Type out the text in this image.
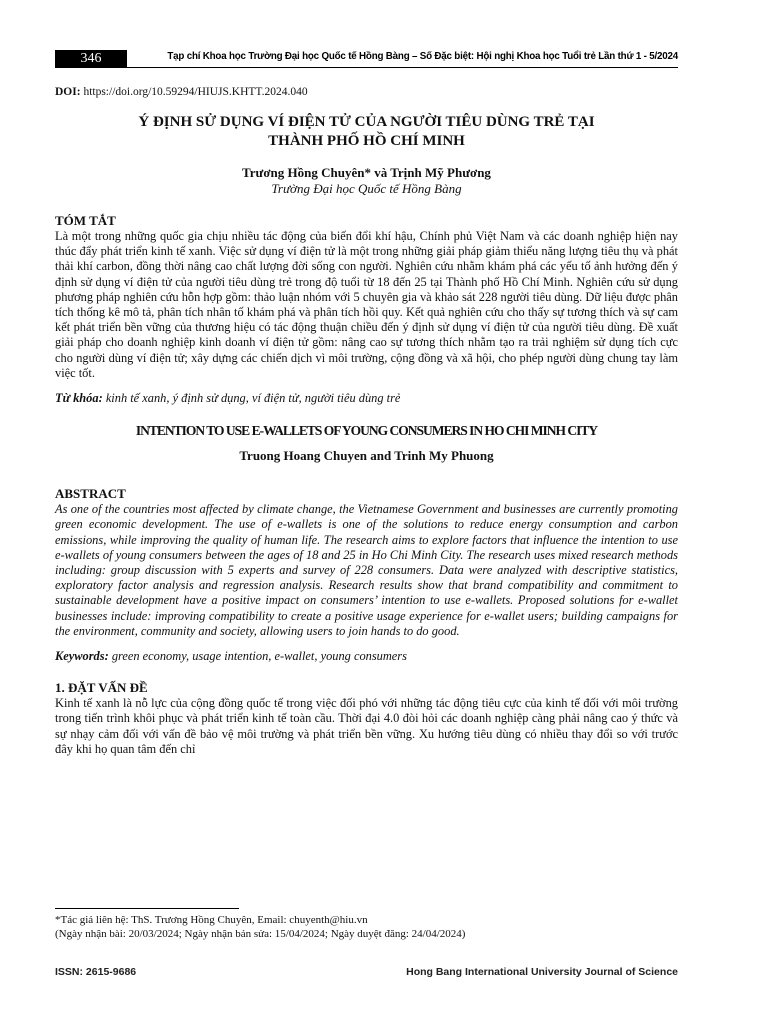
346	Tạp chí Khoa học Trường Đại học Quốc tế Hồng Bàng – Số Đặc biệt: Hội nghị Khoa học Tuổi trẻ Lần thứ 1 - 5/2024

DOI: https://doi.org/10.59294/HIUJS.KHTT.2024.040

Ý ĐỊNH SỬ DỤNG VÍ ĐIỆN TỬ CỦA NGƯỜI TIÊU DÙNG TRẺ TẠI
THÀNH PHỐ HỒ CHÍ MINH
Trương Hồng Chuyên* và Trịnh Mỹ Phương
Trường Đại học Quốc tế Hồng Bàng
TÓM TẮT

Là một trong những quốc gia chịu nhiều tác động của biến đổi khí hậu, Chính phủ Việt Nam và các doanh nghiệp hiện nay thúc đẩy phát triển kinh tế xanh. Việc sử dụng ví điện tử là một trong những giải pháp giảm thiểu năng lượng tiêu thụ và phát thải khí carbon, đồng thời nâng cao chất lượng đời sống con người. Nghiên cứu nhằm khám phá các yếu tố ảnh hưởng đến ý định sử dụng ví điện tử của người tiêu dùng trẻ trong độ tuổi từ 18 đến 25 tại Thành phố Hồ Chí Minh. Nghiên cứu sử dụng phương pháp nghiên cứu hỗn hợp gồm: thảo luận nhóm với 5 chuyên gia và khảo sát 228 người tiêu dùng. Dữ liệu được phân tích thống kê mô tả, phân tích nhân tố khám phá và phân tích hồi quy. Kết quả nghiên cứu cho thấy sự tương thích và sự cam kết phát triển bền vững của thương hiệu có tác động thuận chiều đến ý định sử dụng ví điện tử của người tiêu dùng. Đề xuất giải pháp cho doanh nghiệp kinh doanh ví điện tử gồm: nâng cao sự tương thích nhằm tạo ra trải nghiệm sử dụng tích cực cho người dùng ví điện tử; xây dựng các chiến dịch vì môi trường, cộng đồng và xã hội, cho phép người dùng chung tay làm việc tốt.

Từ khóa: kinh tế xanh, ý định sử dụng, ví điện tử, người tiêu dùng trẻ

INTENTION TO USE E-WALLETS OF YOUNG CONSUMERS IN HO CHI MINH CITY
Truong Hoang Chuyen and Trinh My Phuong
ABSTRACT

As one of the countries most affected by climate change, the Vietnamese Government and businesses are currently promoting green economic development. The use of e-wallets is one of the solutions to reduce energy consumption and carbon emissions, while improving the quality of human life. The research aims to explore factors that influence the intention to use e-wallets of young consumers between the ages of 18 and 25 in Ho Chi Minh City. The research uses mixed research methods including: group discussion with 5 experts and survey of 228 consumers. Data were analyzed with descriptive statistics, exploratory factor analysis and regression analysis. Research results show that brand compatibility and commitment to sustainable development have a positive impact on consumers’ intention to use e-wallets. Proposed solutions for e-wallet businesses include: improving compatibility to create a positive usage experience for e-wallet users; building campaigns for the environment, community and society, allowing users to join hands to do good.

Keywords: green economy, usage intention, e-wallet, young consumers

1. ĐẶT VẤN ĐỀ

Kinh tế xanh là nỗ lực của cộng đồng quốc tế trong việc đối phó với những tác động tiêu cực của kinh tế đối với môi trường trong tiến trình khôi phục và phát triển kinh tế toàn cầu. Thời đại 4.0 đòi hỏi các doanh nghiệp càng phải nâng cao ý thức và sự nhạy cảm đối với vấn đề bảo vệ môi trường và phát triển bền vững. Xu hướng tiêu dùng có nhiều thay đổi so với trước đây khi họ quan tâm đến chỉ

*Tác giả liên hệ: ThS. Trương Hồng Chuyên, Email: chuyenth@hiu.vn
(Ngày nhận bài: 20/03/2024; Ngày nhận bản sửa: 15/04/2024; Ngày duyệt đăng: 24/04/2024)
ISSN: 2615-9686	Hong Bang International University Journal of Science
